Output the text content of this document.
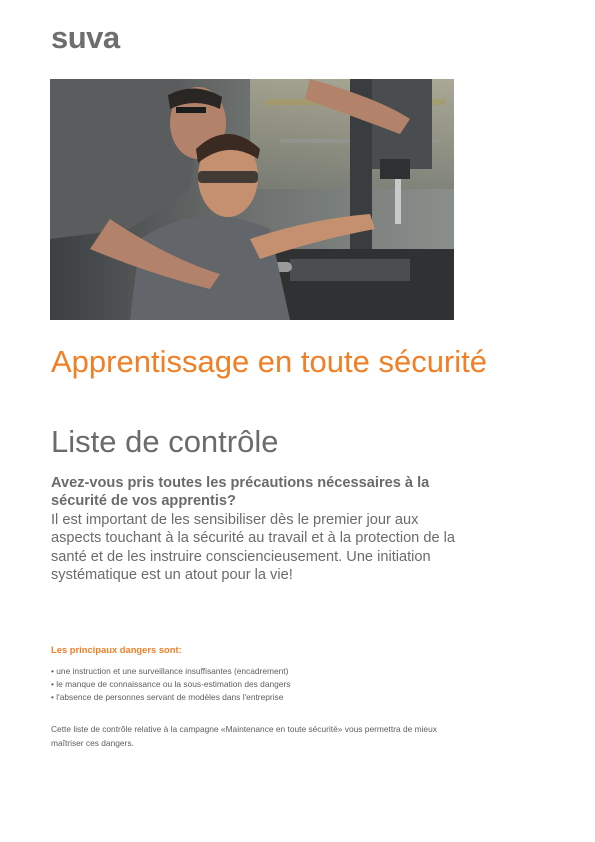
suva
Apprentissage en toute sécurité
Liste de contrôle

Avez-vous pris toutes les précautions nécessaires à la sécurité de vos apprentis?

Il est important de les sensibiliser dès le premier jour aux aspects touchant à la sécurité au travail et à la protection de la santé et de les instruire consciencieusement. Une initiation systématique est un atout pour la vie!

Les principaux dangers sont:

• une instruction et une surveillance insuffisantes (encadrement)
• le manque de connaissance ou la sous-estimation des dangers
• l'absence de personnes servant de modèles dans l'entreprise

Cette liste de contrôle relative à la campagne «Maintenance en toute sécurité» vous permettra de mieux maîtriser ces dangers.
